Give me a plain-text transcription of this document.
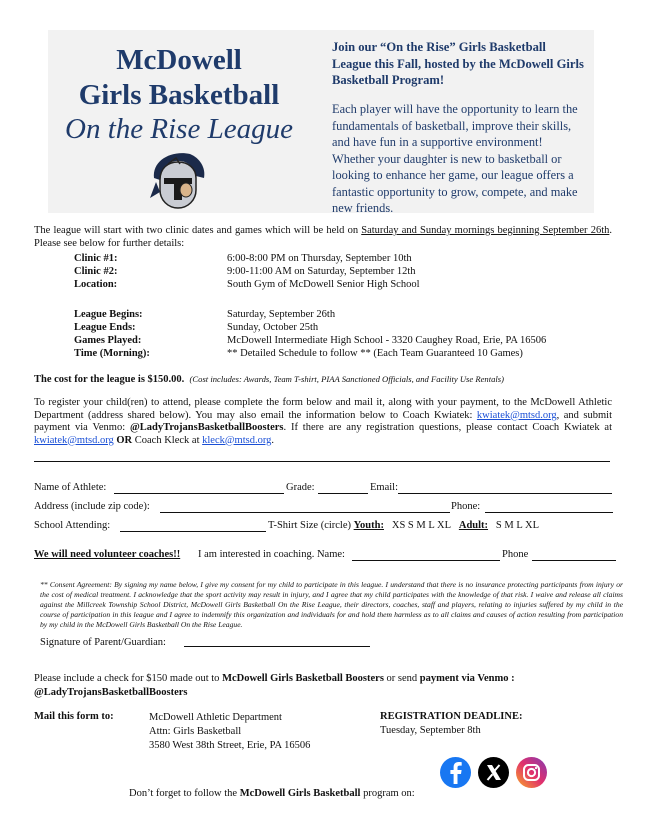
McDowell
Girls Basketball
On the Rise League
Join our “On the Rise” Girls Basketball League this Fall, hosted by the McDowell Girls Basketball Program!
Each player will have the opportunity to learn the fundamentals of basketball, improve their skills, and have fun in a supportive environment! Whether your daughter is new to basketball or looking to enhance her game, our league offers a fantastic opportunity to grow, compete, and make new friends.
The league will start with two clinic dates and games which will be held on Saturday and Sunday mornings beginning September 26th. Please see below for further details:
Clinic #1:	6:00-8:00 PM on Thursday, September 10th
Clinic #2:	9:00-11:00 AM on Saturday, September 12th
Location:	South Gym of McDowell Senior High School
League Begins:	Saturday, September 26th
League Ends:	Sunday, October 25th
Games Played:	McDowell Intermediate High School - 3320 Caughey Road, Erie, PA 16506
Time (Morning):	** Detailed Schedule to follow ** (Each Team Guaranteed 10 Games)
The cost for the league is $150.00. (Cost includes: Awards, Team T-shirt, PIAA Sanctioned Officials, and Facility Use Rentals)
To register your child(ren) to attend, please complete the form below and mail it, along with your payment, to the McDowell Athletic Department (address shared below). You may also email the information below to Coach Kwiatek: kwiatek@mtsd.org, and submit payment via Venmo: @LadyTrojansBasketballBoosters. If there are any registration questions, please contact Coach Kwiatek at kwiatek@mtsd.org OR Coach Kleck at kleck@mtsd.org.
Name of Athlete:	Grade:	Email:
Address (include zip code):	Phone:
School Attending:	T-Shirt Size (circle) Youth: XS S M L XL Adult: S M L XL
We will need volunteer coaches!! I am interested in coaching. Name:	Phone
** Consent Agreement: By signing my name below, I give my consent for my child to participate in this league. I understand that there is no insurance protecting participants from injury or the cost of medical treatment. I acknowledge that the sport activity may result in injury, and I agree that my child participates with the knowledge of that risk. I waive and release all claims against the Millcreek Township School District, McDowell Girls Basketball On the Rise League, their directors, coaches, staff and players, relating to injuries suffered by my child in the course of participation in this league and I agree to indemnify this organization and individuals for and hold them harmless as to all claims and causes of action resulting from participation by my child in the McDowell Girls Basketball On the Rise League.
Signature of Parent/Guardian:
Please include a check for $150 made out to McDowell Girls Basketball Boosters or send payment via Venmo :
@LadyTrojansBasketballBoosters
Mail this form to:	McDowell Athletic Department
Attn: Girls Basketball
3580 West 38th Street, Erie, PA 16506
REGISTRATION DEADLINE:
Tuesday, September 8th
Don’t forget to follow the McDowell Girls Basketball program on:
